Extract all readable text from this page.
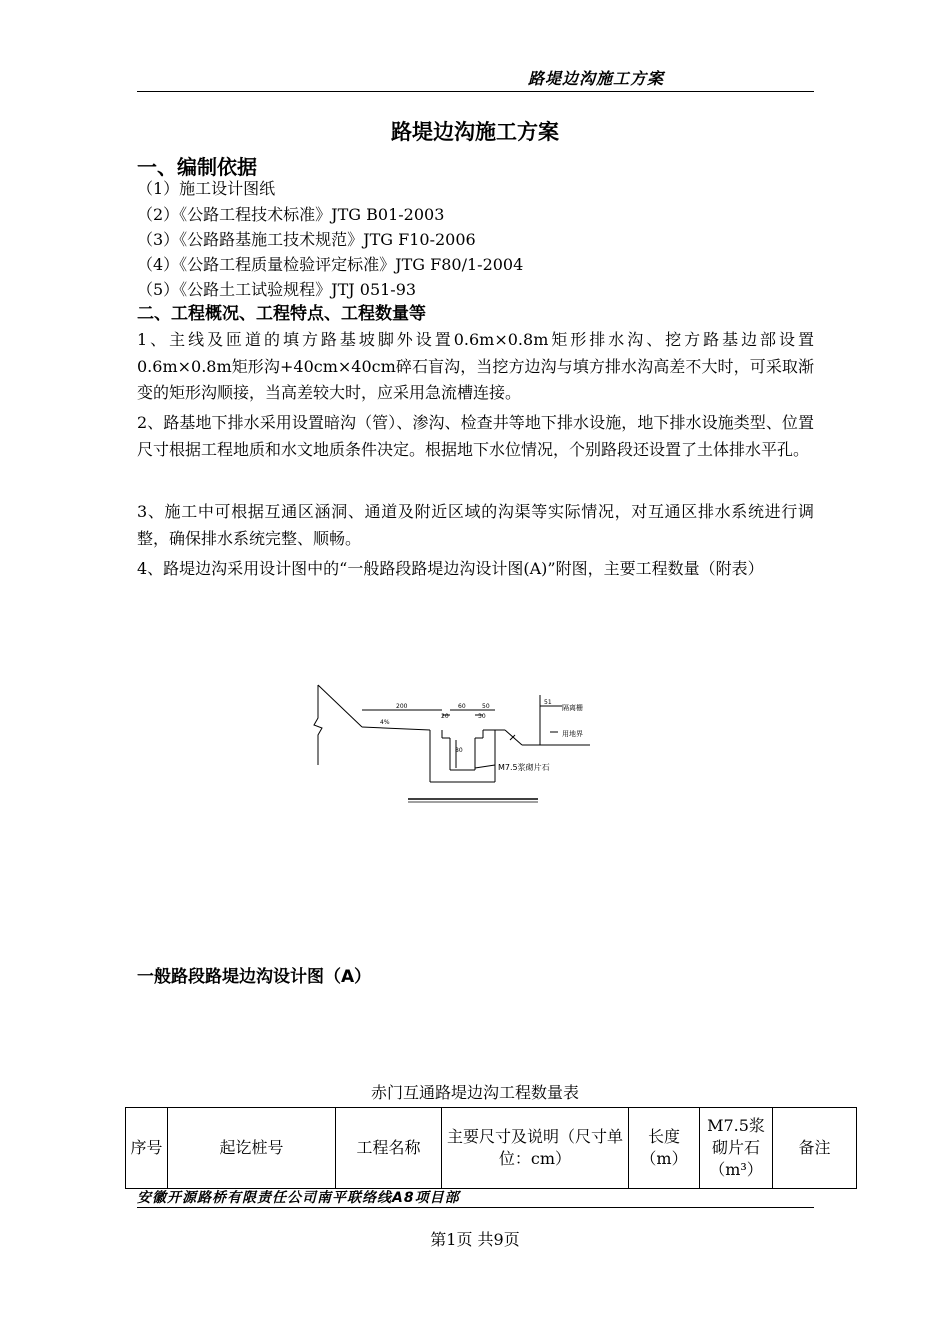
路堤边沟施工方案
路堤边沟施工方案
一、编制依据
（1）施工设计图纸
（2）《公路工程技术标准》JTG B01-2003
（3）《公路路基施工技术规范》JTG F10-2006
（4）《公路工程质量检验评定标准》JTG F80/1-2004
（5）《公路土工试验规程》JTJ 051-93
二、工程概况、工程特点、工程数量等
1、主线及匝道的填方路基坡脚外设置0.6m×0.8m矩形排水沟、挖方路基边部设置0.6m×0.8m矩形沟+40cm×40cm碎石盲沟，当挖方边沟与填方排水沟高差不大时，可采取渐变的矩形沟顺接，当高差较大时，应采用急流槽连接。
2、路基地下排水采用设置暗沟（管）、渗沟、检查井等地下排水设施，地下排水设施类型、位置尺寸根据工程地质和水文地质条件决定。根据地下水位情况，个别路段还设置了土体排水平孔。
3、施工中可根据互通区涵洞、通道及附近区域的沟渠等实际情况，对互通区排水系统进行调整，确保排水系统完整、顺畅。
4、路堤边沟采用设计图中的“一般路段路堤边沟设计图(A)”附图，主要工程数量（附表）
200
20
60	50
30
80
4%
M7.5浆砌片石
隔离栅
用地界
51
一般路段路堤边沟设计图（A）
赤门互通路堤边沟工程数量表
序号	起讫桩号	工程名称	主要尺寸及说明（尺寸单位：cm）	长度（m）	M7.5浆砌片石（m³）	备注
安徽开源路桥有限责任公司南平联络线A8项目部
第1页 共9页
